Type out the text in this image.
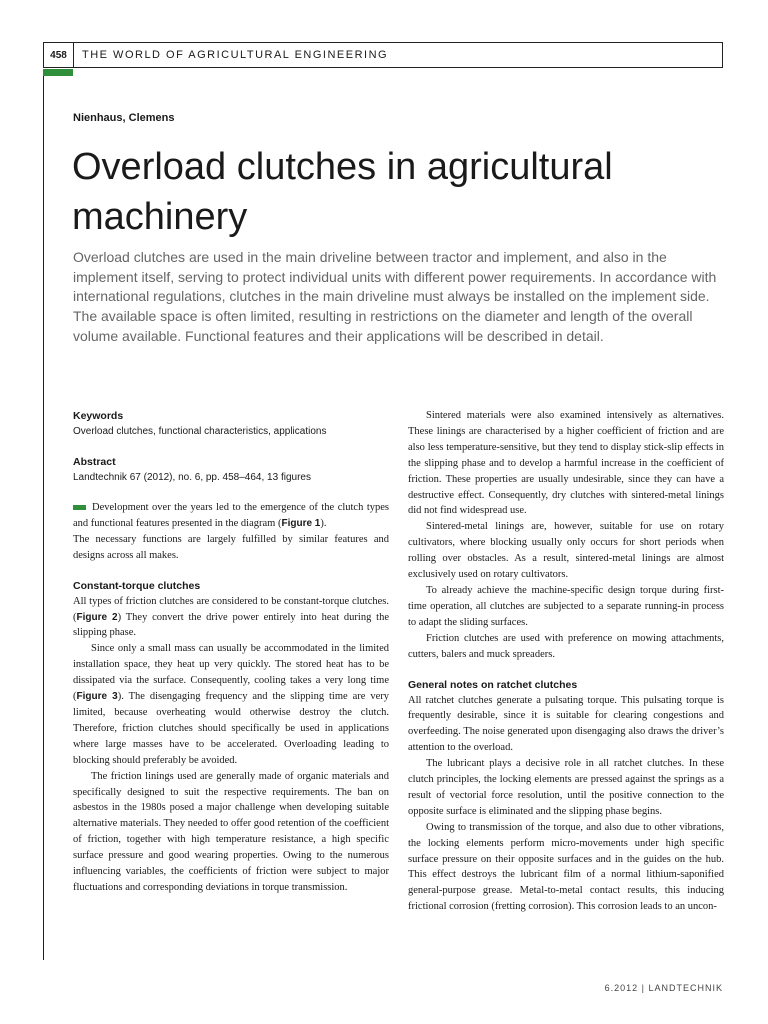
458	THE WORLD OF AGRICULTURAL ENGINEERING
Nienhaus, Clemens
Overload clutches in agricultural machinery

Overload clutches are used in the main driveline between tractor and implement, and also in the implement itself, serving to protect individual units with different power requirements. In accordance with international regulations, clutches in the main driveline must always be installed on the implement side. The available space is often limited, resulting in restrictions on the diameter and length of the overall volume available. Functional features and their applications will be described in detail.

Keywords

Overload clutches, functional characteristics, applications

Abstract

Landtechnik 67 (2012), no. 6, pp. 458–464, 13 figures

Development over the years led to the emergence of the clutch types and functional features presented in the diagram (Figure 1).

The necessary functions are largely fulfilled by similar features and designs across all makes.

Constant-torque clutches

All types of friction clutches are considered to be constant-torque clutches. (Figure 2) They convert the drive power entirely into heat during the slipping phase.

Since only a small mass can usually be accommodated in the limited installation space, they heat up very quickly. The stored heat has to be dissipated via the surface. Consequently, cooling takes a very long time (Figure 3). The disengaging frequency and the slipping time are very limited, because overheating would otherwise destroy the clutch. Therefore, friction clutches should specifically be used in applications where large masses have to be accelerated. Overloading leading to blocking should preferably be avoided.

The friction linings used are generally made of organic materials and specifically designed to suit the respective requirements. The ban on asbestos in the 1980s posed a major challenge when developing suitable alternative materials. They needed to offer good retention of the coefficient of friction, together with high temperature resistance, a high specific surface pressure and good wearing properties. Owing to the numerous influencing variables, the coefficients of friction were subject to major fluctuations and corresponding deviations in torque transmission.

Sintered materials were also examined intensively as alternatives. These linings are characterised by a higher coefficient of friction and are also less temperature-sensitive, but they tend to display stick-slip effects in the slipping phase and to develop a harmful increase in the coefficient of friction. These properties are usually undesirable, since they can have a destructive effect. Consequently, dry clutches with sintered-metal linings did not find widespread use.

Sintered-metal linings are, however, suitable for use on rotary cultivators, where blocking usually only occurs for short periods when rolling over obstacles. As a result, sintered-metal linings are almost exclusively used on rotary cultivators.

To already achieve the machine-specific design torque during first-time operation, all clutches are subjected to a separate running-in process to adapt the sliding surfaces.

Friction clutches are used with preference on mowing attachments, cutters, balers and muck spreaders.

General notes on ratchet clutches

All ratchet clutches generate a pulsating torque. This pulsating torque is frequently desirable, since it is suitable for clearing congestions and overfeeding. The noise generated upon disengaging also draws the driver’s attention to the overload.

The lubricant plays a decisive role in all ratchet clutches. In these clutch principles, the locking elements are pressed against the springs as a result of vectorial force resolution, until the positive connection to the opposite surface is eliminated and the slipping phase begins.

Owing to transmission of the torque, and also due to other vibrations, the locking elements perform micro-movements under high specific surface pressure on their opposite surfaces and in the guides on the hub. This effect destroys the lubricant film of a normal lithium-saponified general-purpose grease. Metal-to-metal contact results, this inducing frictional corrosion (fretting corrosion). This corrosion leads to an uncon-

6.2012 | LANDTECHNIK
